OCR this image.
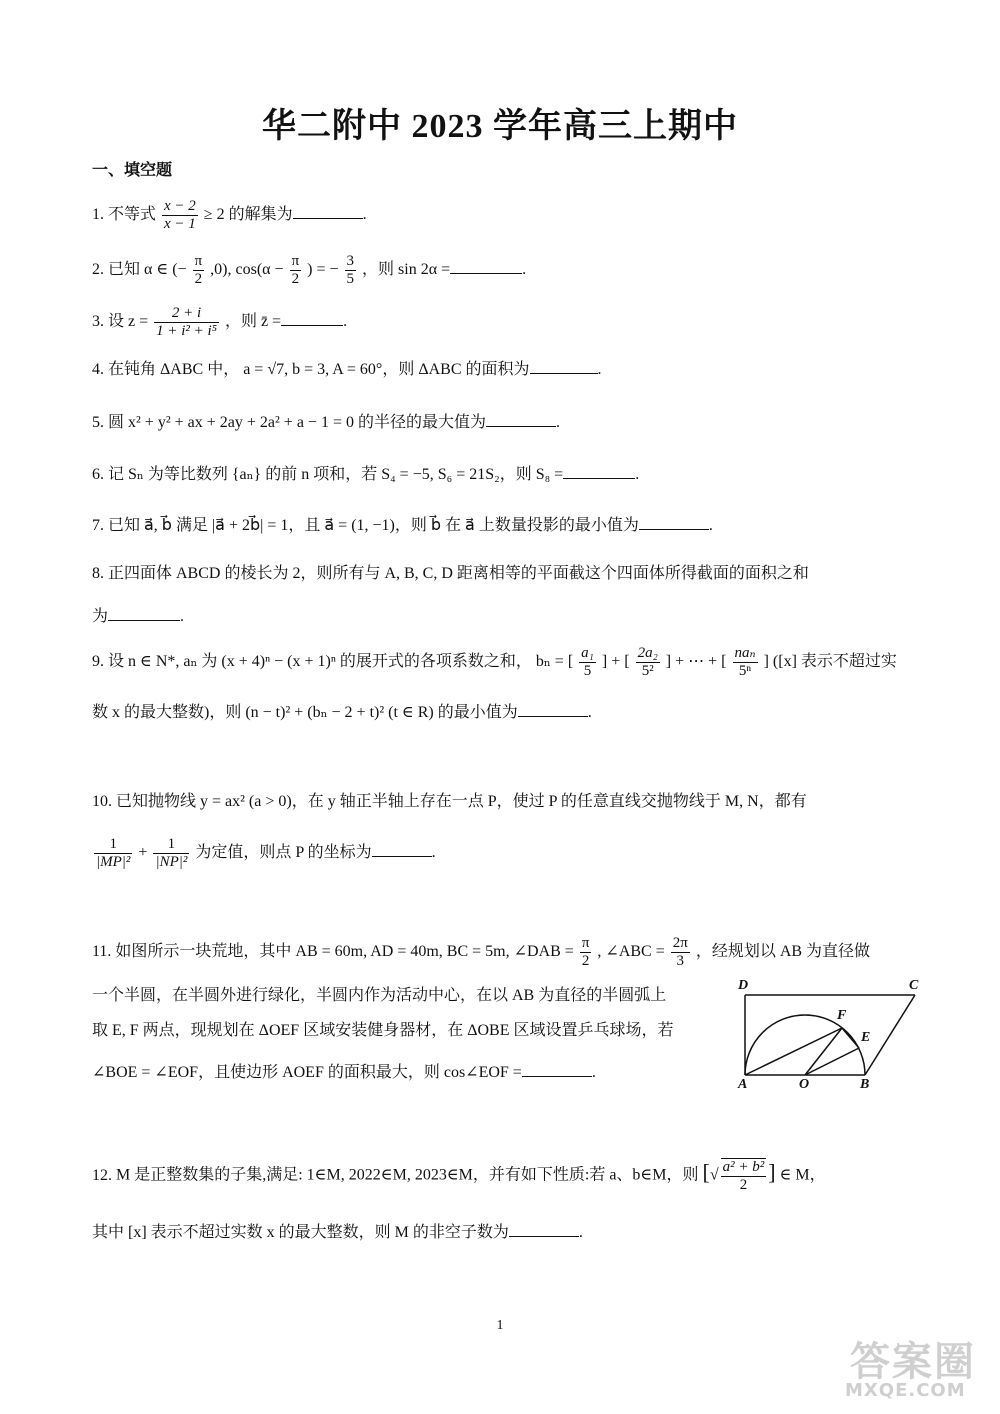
华二附中 2023 学年高三上期中
一、填空题
1. 不等式 $\frac{x - 2}{x - 1} \ge 2$ 的解集为	.
2. 已知 α ∈ (− $\frac{\pi}{2} ,0$), $\cos(\alpha - \frac{\pi}{2}$ ) = − $\frac{3}{5}$ ，则 sin 2α =	.
3. 设 $z = \frac{2 + i}{\text{1 + i² + i⁵}}$ ，则 z̄ =	.
4. 在钝角 ΔABC 中， a = √7, b = 3, A = 60°，则 ΔABC 的面积为	.
5. 圆 x² + y² + ax + 2ay + 2a² + a − 1 = 0 的半径的最大值为	.
6. 记 Sₙ 为等比数列 {aₙ} 的前 n 项和，若 S₄ = −5, S₆ = 21S₂，则 S₈ =	.
7. 已知 a⃗, b⃗ 满足 |a⃗ + 2b⃗| = 1，且 a⃗ = (1, −1)，则 b⃗ 在 a⃗ 上数量投影的最小值为	.
8. 正四面体 ABCD 的棱长为 2，则所有与 A, B, C, D 距离相等的平面截这个四面体所得截面的面积之和
为	.
9. 设 n ∈ N*, aₙ 为 (x + 4)ⁿ − (x + 1)ⁿ 的展开式的各项系数之和， bₙ = [ $\frac{\text{a₁}}{5}$ ] + [ $\frac{\text{2a₂}}{\text{5²}}$ ] + ⋯ + [ $\frac{\text{naₙ}}{\text{5ⁿ}}$ ] ([x] 表示不超过实
数 x 的最大整数)，则 (n − t)² + (bₙ − 2 + t)² (t ∈ R) 的最小值为	.
10. 已知抛物线 y = ax² (a > 0)，在 y 轴正半轴上存在一点 P，使过 P 的任意直线交抛物线于 M, N，都有
$\frac{1}{\text{|MP|²}} + \frac{1}{\text{|NP|²}}$ 为定值，则点 P 的坐标为	.
11. 如图所示一块荒地，其中 AB = 60m, AD = 40m, BC = 5m, ∠DAB = $\frac{\pi}{2}$ , ∠ABC = $\frac{2\pi}{3}$ ，经规划以 AB 为直径做
一个半圆，在半圆外进行绿化，半圆内作为活动中心，在以 AB 为直径的半圆弧上
取 E, F 两点，现规划在 ΔOEF 区域安装健身器材，在 ΔOBE 区域设置乒乓球场，若
∠BOE = ∠EOF，且使边形 AOEF 的面积最大，则 cos∠EOF =	.
D	C
F
E
A	O	B
12. M 是正整数集的子集,满足: 1∈M, 2022∈M, 2023∈M，并有如下性质:若 a、b∈M，则 [√ $\frac{\text{a² + b²}}{2}$ ] ∈ M，
其中 [x] 表示不超过实数 x 的最大整数，则 M 的非空子数为	.
1
答案圈
MXQE.COM
